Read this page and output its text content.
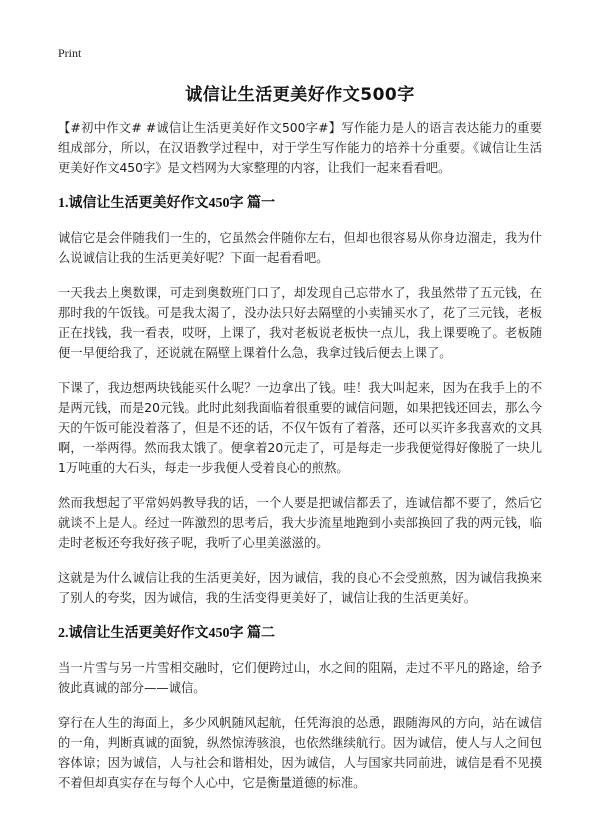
Print
诚信让生活更美好作文500字

【#初中作文# #诚信让生活更美好作文500字#】写作能力是人的语言表达能力的重要组成部分，所以，在汉语教学过程中，对于学生写作能力的培养十分重要。《诚信让生活更美好作文450字》是文档网为大家整理的内容，让我们一起来看看吧。

1.诚信让生活更美好作文450字 篇一

诚信它是会伴随我们一生的，它虽然会伴随你左右，但却也很容易从你身边溜走，我为什么说诚信让我的生活更美好呢？下面一起看看吧。

一天我去上奥数课，可走到奥数班门口了，却发现自己忘带水了，我虽然带了五元钱，在那时我的午饭钱。可是我太渴了，没办法只好去隔壁的小卖铺买水了，花了三元钱，老板正在找钱，我一看表，哎呀，上课了，我对老板说老板快一点儿，我上课要晚了。老板随便一早便给我了，还说就在隔壁上课着什么急，我拿过钱后便去上课了。

下课了，我边想两块钱能买什么呢？一边拿出了钱。哇！我大叫起来，因为在我手上的不是两元钱，而是20元钱。此时此刻我面临着很重要的诚信问题，如果把钱还回去，那么今天的午饭可能没着落了，但是不还的话，不仅午饭有了着落，还可以买许多我喜欢的文具啊，一举两得。然而我太饿了。便拿着20元走了，可是每走一步我便觉得好像脱了一块儿1万吨重的大石头，每走一步我便人受着良心的煎熬。

然而我想起了平常妈妈教导我的话，一个人要是把诚信都丢了，连诚信都不要了，然后它就谈不上是人。经过一阵激烈的思考后，我大步流星地跑到小卖部换回了我的两元钱，临走时老板还夸我好孩子呢，我听了心里美滋滋的。

这就是为什么诚信让我的生活更美好，因为诚信，我的良心不会受煎熬，因为诚信我换来了别人的夸奖，因为诚信，我的生活变得更美好了，诚信让我的生活更美好。

2.诚信让生活更美好作文450字 篇二

当一片雪与另一片雪相交融时，它们便跨过山，水之间的阻隔，走过不平凡的路途，给予彼此真诚的部分——诚信。

穿行在人生的海面上，多少风帆随风起航，任凭海浪的怂恿，跟随海风的方向，站在诚信的一角，判断真诚的面貌，纵然惊涛骇浪，也依然继续航行。因为诚信，使人与人之间包容体谅；因为诚信，人与社会和谐相处，因为诚信，人与国家共同前进，诚信是看不见摸不着但却真实存在与每个人心中，它是衡量道德的标准。
